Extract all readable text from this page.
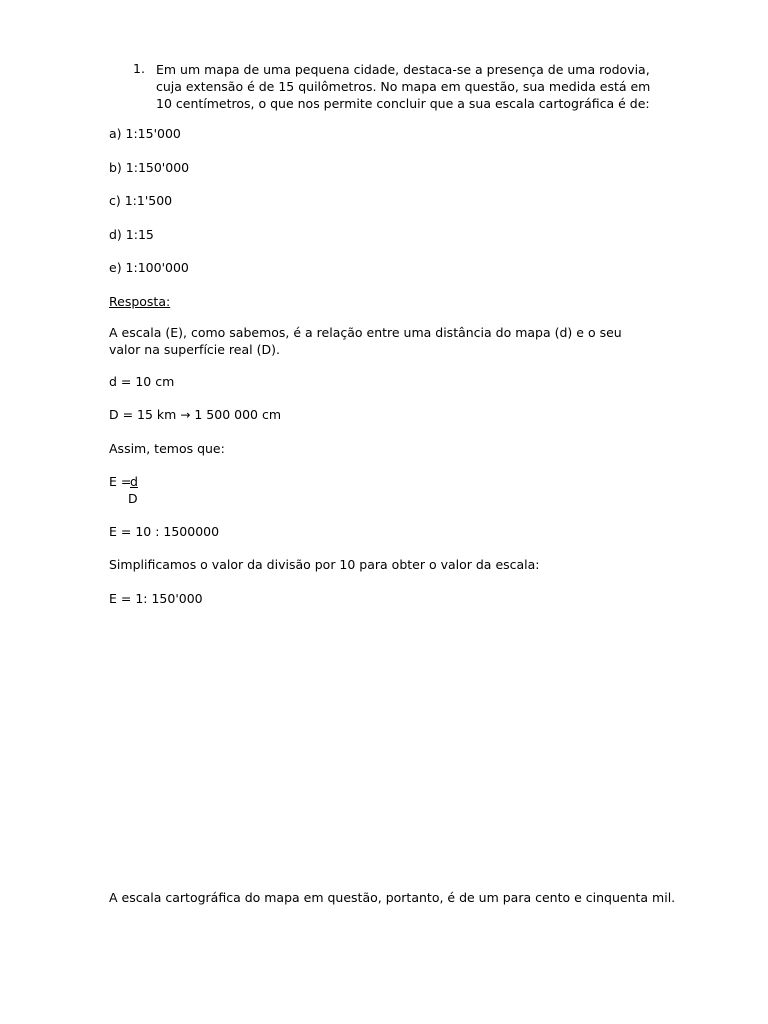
1. Em um mapa de uma pequena cidade, destaca-se a presença de uma rodovia, cuja extensão é de 15 quilômetros. No mapa em questão, sua medida está em 10 centímetros, o que nos permite concluir que a sua escala cartográfica é de:
a) 1:15'000
b) 1:150'000
c) 1:1'500
d) 1:15
e) 1:100'000
Resposta:
A escala (E), como sabemos, é a relação entre uma distância do mapa (d) e o seu valor na superfície real (D).
d = 10 cm
D = 15 km → 1 500 000 cm
Assim, temos que:
E =
d
D
E = 10 : 1500000
Simplificamos o valor da divisão por 10 para obter o valor da escala:
E = 1: 150'000
A escala cartográfica do mapa em questão, portanto, é de um para cento e cinquenta mil.
